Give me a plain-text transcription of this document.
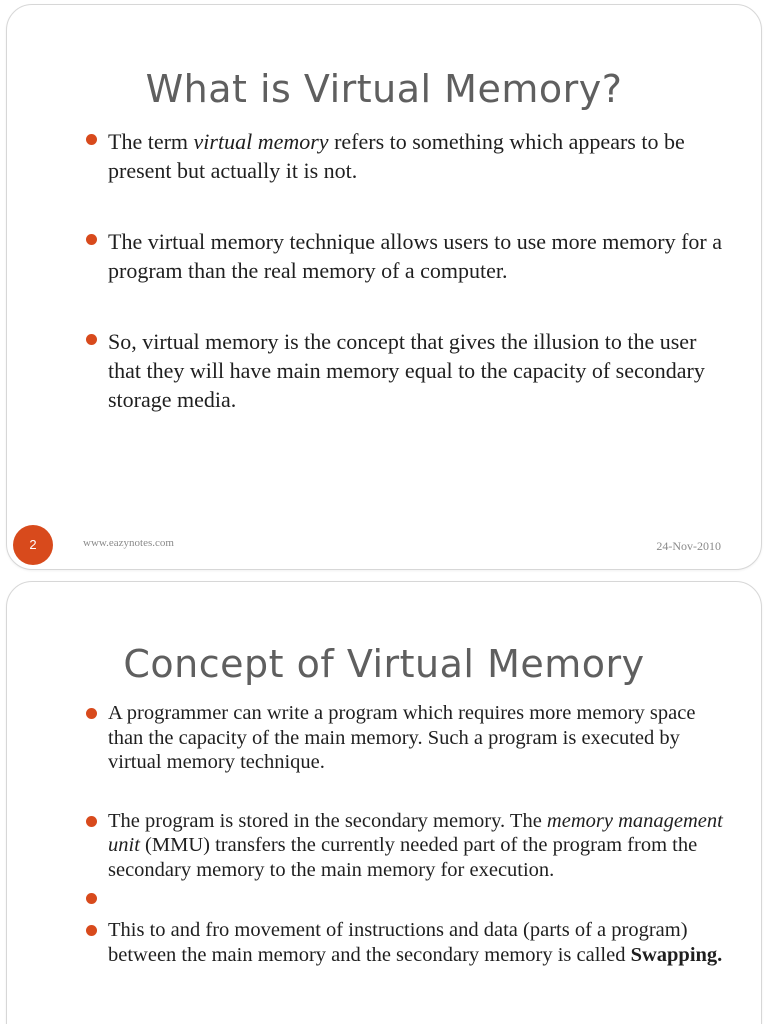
What is Virtual Memory?
The term virtual memory refers to something which appears to be present but actually it is not.
The virtual memory technique allows users to use more memory for a program than the real memory of a computer.
So, virtual memory is the concept that gives the illusion to the user that they will have main memory equal to the capacity of secondary storage media.
2	www.eazynotes.com	24-Nov-2010
Concept of Virtual Memory
A programmer can write a program which requires more memory space than the capacity of the main memory. Such a program is executed by virtual memory technique.
The program is stored in the secondary memory. The memory management unit (MMU) transfers the currently needed part of the program from the secondary memory to the main memory for execution.
This to and fro movement of instructions and data (parts of a program) between the main memory and the secondary memory is called Swapping.
